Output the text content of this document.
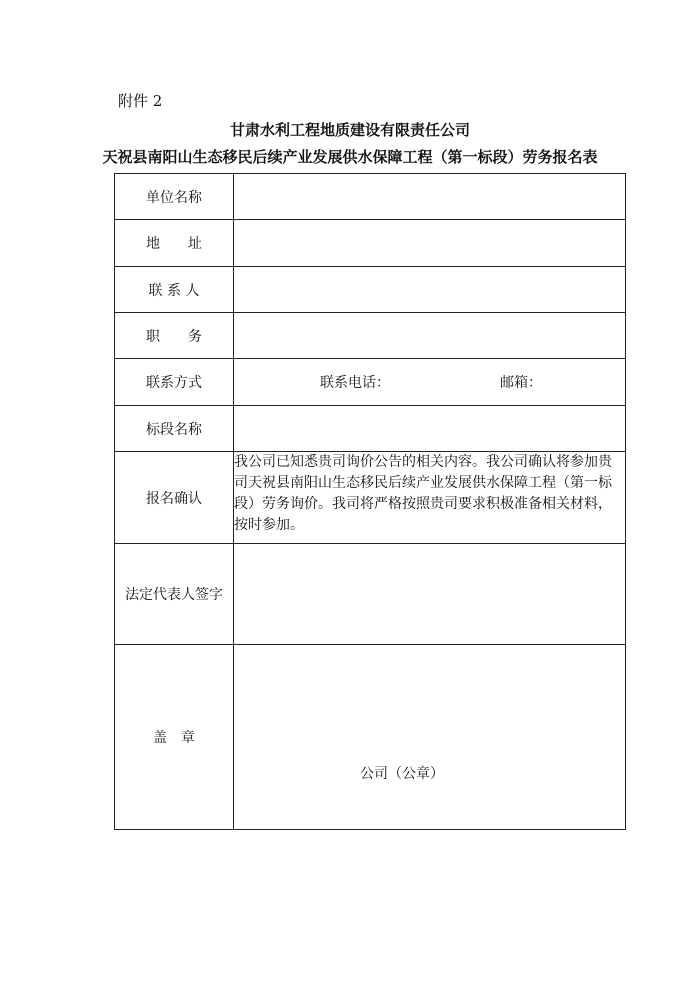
附件 2
甘肃水利工程地质建设有限责任公司
天祝县南阳山生态移民后续产业发展供水保障工程（第一标段）劳务报名表
单位名称	
地　　址	
联 系 人	
职　　务	
联系方式	联系电话： 邮箱：

标段名称	
报名确认	我公司已知悉贵司询价公告的相关内容。我公司确认将参加贵司天祝县南阳山生态移民后续产业发展供水保障工程（第一标段）劳务询价。我司将严格按照贵司要求积极准备相关材料，按时参加。
法定代表人签字	
盖　章	公司（公章）
